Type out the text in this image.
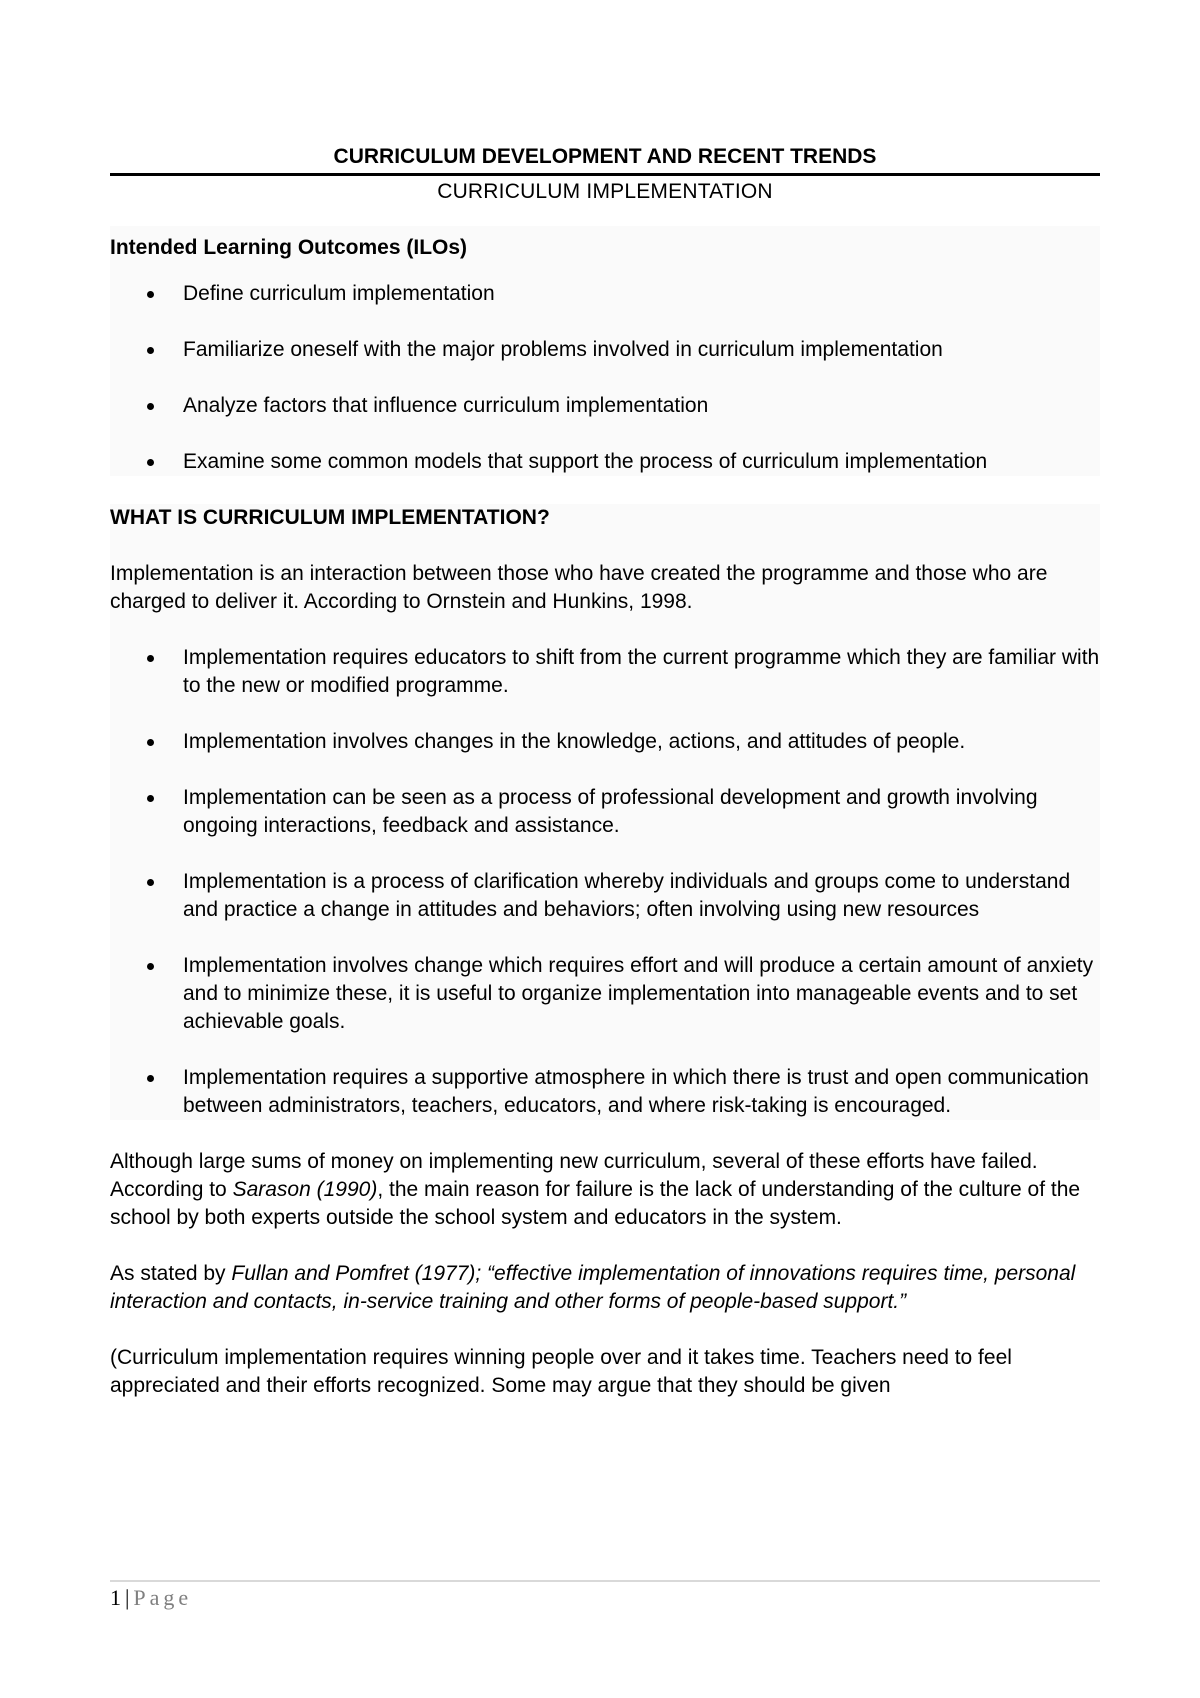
CURRICULUM DEVELOPMENT AND RECENT TRENDS
CURRICULUM IMPLEMENTATION
Intended Learning Outcomes (ILOs)
Define curriculum implementation
Familiarize oneself with the major problems involved in curriculum implementation
Analyze factors that influence curriculum implementation
Examine some common models that support the process of curriculum implementation
WHAT IS CURRICULUM IMPLEMENTATION?

Implementation is an interaction between those who have created the programme and those who are charged to deliver it. According to Ornstein and Hunkins, 1998.

Implementation requires educators to shift from the current programme which they are familiar with to the new or modified programme.
Implementation involves changes in the knowledge, actions, and attitudes of people.
Implementation can be seen as a process of professional development and growth involving ongoing interactions, feedback and assistance.
Implementation is a process of clarification whereby individuals and groups come to understand and practice a change in attitudes and behaviors; often involving using new resources
Implementation involves change which requires effort and will produce a certain amount of anxiety and to minimize these, it is useful to organize implementation into manageable events and to set achievable goals.
Implementation requires a supportive atmosphere in which there is trust and open communication between administrators, teachers, educators, and where risk-taking is encouraged.

Although large sums of money on implementing new curriculum, several of these efforts have failed. According to Sarason (1990), the main reason for failure is the lack of understanding of the culture of the school by both experts outside the school system and educators in the system.

As stated by Fullan and Pomfret (1977); “effective implementation of innovations requires time, personal interaction and contacts, in-service training and other forms of people-based support.”

(Curriculum implementation requires winning people over and it takes time. Teachers need to feel appreciated and their efforts recognized. Some may argue that they should be given

1 | Page
